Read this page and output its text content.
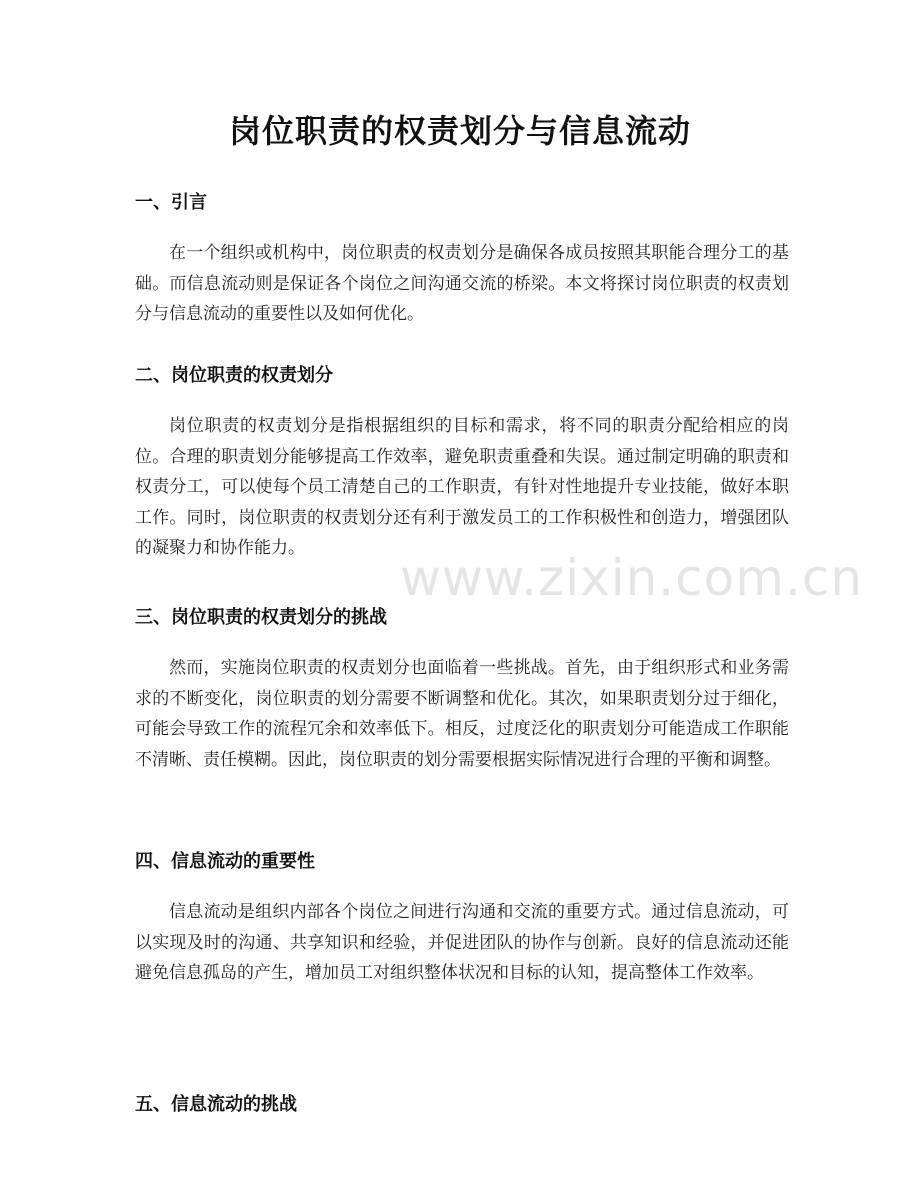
岗位职责的权责划分与信息流动
一、引言

在一个组织或机构中，岗位职责的权责划分是确保各成员按照其职能合理分工的基础。而信息流动则是保证各个岗位之间沟通交流的桥梁。本文将探讨岗位职责的权责划分与信息流动的重要性以及如何优化。

二、岗位职责的权责划分

岗位职责的权责划分是指根据组织的目标和需求，将不同的职责分配给相应的岗位。合理的职责划分能够提高工作效率，避免职责重叠和失误。通过制定明确的职责和权责分工，可以使每个员工清楚自己的工作职责，有针对性地提升专业技能，做好本职工作。同时，岗位职责的权责划分还有利于激发员工的工作积极性和创造力，增强团队的凝聚力和协作能力。

三、岗位职责的权责划分的挑战

然而，实施岗位职责的权责划分也面临着一些挑战。首先，由于组织形式和业务需求的不断变化，岗位职责的划分需要不断调整和优化。其次，如果职责划分过于细化，可能会导致工作的流程冗余和效率低下。相反，过度泛化的职责划分可能造成工作职能不清晰、责任模糊。因此，岗位职责的划分需要根据实际情况进行合理的平衡和调整。

四、信息流动的重要性

信息流动是组织内部各个岗位之间进行沟通和交流的重要方式。通过信息流动，可以实现及时的沟通、共享知识和经验，并促进团队的协作与创新。良好的信息流动还能避免信息孤岛的产生，增加员工对组织整体状况和目标的认知，提高整体工作效率。

五、信息流动的挑战
www.zixin.com.cn
